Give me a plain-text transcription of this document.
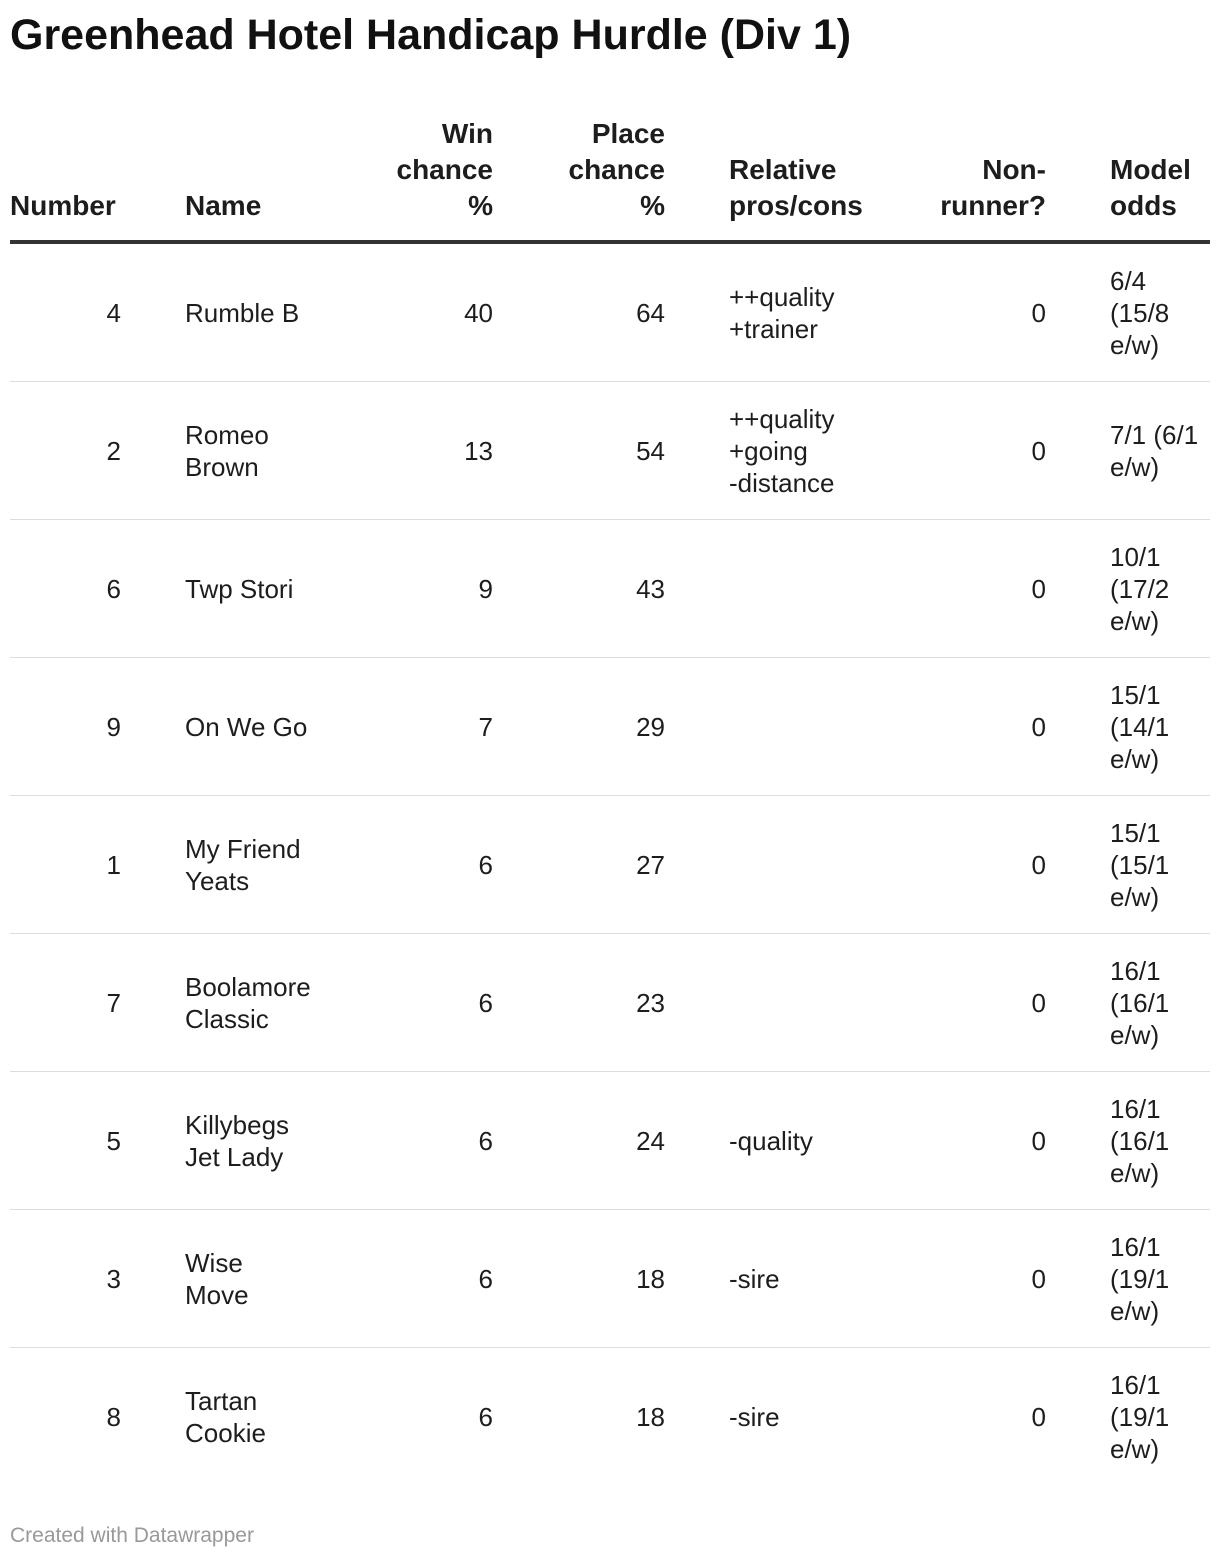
Greenhead Hotel Handicap Hurdle (Div 1)
Number		Name		Win
chance
%		Place
chance
%		Relative
pros/cons		Non-
runner?		Model
odds
4		Rumble B		40		64		++quality
+trainer		0		6/4
(15/8
e/w)
2		Romeo
Brown		13		54		++quality
+going
-distance		0		7/1 (6/1
e/w)
6		Twp Stori		9		43				0		10/1
(17/2
e/w)
9		On We Go		7		29				0		15/1
(14/1
e/w)
1		My Friend
Yeats		6		27				0		15/1
(15/1
e/w)
7		Boolamore
Classic		6		23				0		16/1
(16/1
e/w)
5		Killybegs
Jet Lady		6		24		-quality		0		16/1
(16/1
e/w)
3		Wise
Move		6		18		-sire		0		16/1
(19/1
e/w)
8		Tartan
Cookie		6		18		-sire		0		16/1
(19/1
e/w)
Created with Datawrapper
